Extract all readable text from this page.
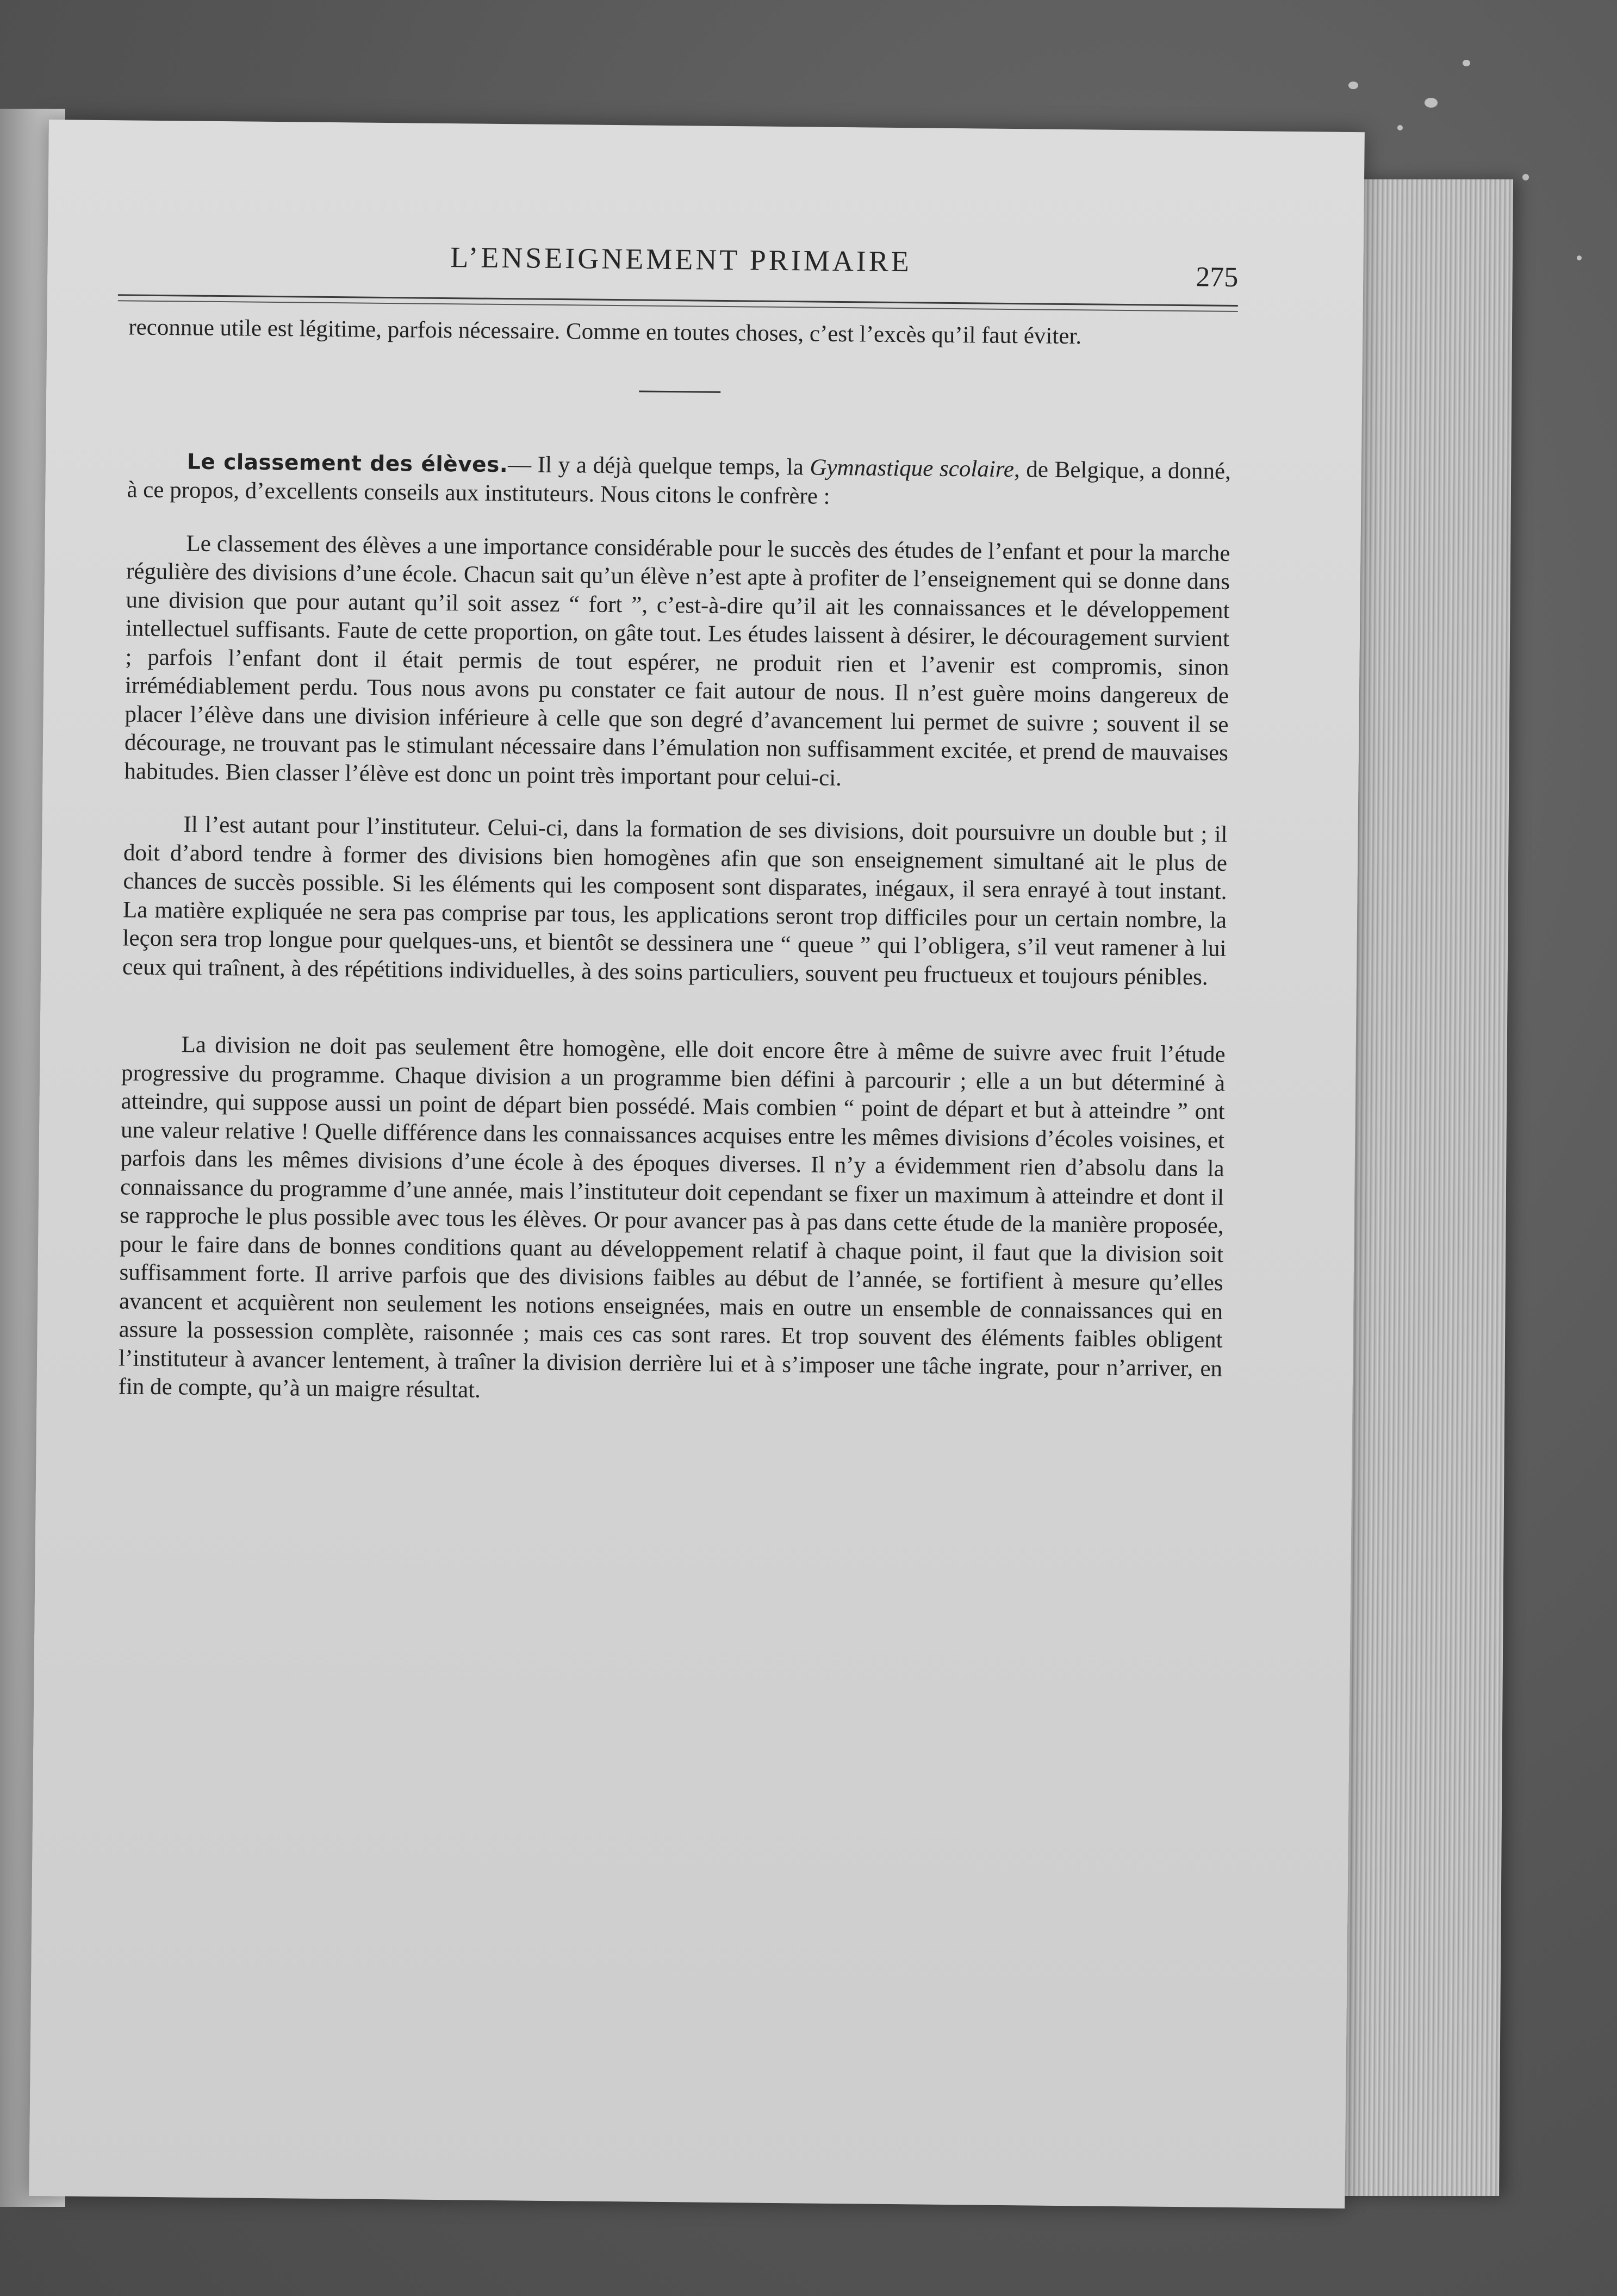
L’ENSEIGNEMENT PRIMAIRE	275

reconnue utile est légitime, parfois nécessaire. Comme en toutes choses, c’est l’excès qu’il faut éviter.

Le classement des élèves.— Il y a déjà quelque temps, la Gymnastique scolaire, de Belgique, a donné, à ce propos, d’excellents conseils aux instituteurs. Nous citons le confrère :

Le classement des élèves a une importance considérable pour le succès des études de l’enfant et pour la marche régulière des divisions d’une école. Chacun sait qu’un élève n’est apte à profiter de l’enseignement qui se donne dans une division que pour autant qu’il soit assez “ fort ”, c’est-à-dire qu’il ait les connaissances et le développement intellectuel suffisants. Faute de cette proportion, on gâte tout. Les études laissent à désirer, le découragement survient ; parfois l’enfant dont il était permis de tout espérer, ne produit rien et l’avenir est compromis, sinon irrémédiablement perdu. Tous nous avons pu constater ce fait autour de nous. Il n’est guère moins dangereux de placer l’élève dans une division inférieure à celle que son degré d’avancement lui permet de suivre ; souvent il se décourage, ne trouvant pas le stimulant nécessaire dans l’émulation non suffisamment excitée, et prend de mauvaises habitudes. Bien classer l’élève est donc un point très important pour celui-ci.

Il l’est autant pour l’instituteur. Celui-ci, dans la formation de ses divisions, doit poursuivre un double but ; il doit d’abord tendre à former des divisions bien homogènes afin que son enseignement simultané ait le plus de chances de succès possible. Si les éléments qui les composent sont disparates, inégaux, il sera enrayé à tout instant. La matière expliquée ne sera pas comprise par tous, les applications seront trop difficiles pour un certain nombre, la leçon sera trop longue pour quelques-uns, et bientôt se dessinera une “ queue ” qui l’obligera, s’il veut ramener à lui ceux qui traînent, à des répétitions individuelles, à des soins particuliers, souvent peu fructueux et toujours pénibles.

La division ne doit pas seulement être homogène, elle doit encore être à même de suivre avec fruit l’étude progressive du programme. Chaque division a un programme bien défini à parcourir ; elle a un but déterminé à atteindre, qui suppose aussi un point de départ bien possédé. Mais combien “ point de départ et but à atteindre ” ont une valeur relative ! Quelle différence dans les connaissances acquises entre les mêmes divisions d’écoles voisines, et parfois dans les mêmes divisions d’une école à des époques diverses. Il n’y a évidemment rien d’absolu dans la connaissance du programme d’une année, mais l’instituteur doit cependant se fixer un maximum à atteindre et dont il se rapproche le plus possible avec tous les élèves. Or pour avancer pas à pas dans cette étude de la manière proposée, pour le faire dans de bonnes conditions quant au développement relatif à chaque point, il faut que la division soit suffisamment forte. Il arrive parfois que des divisions faibles au début de l’année, se fortifient à mesure qu’elles avancent et acquièrent non seulement les notions enseignées, mais en outre un ensemble de connaissances qui en assure la possession complète, raisonnée ; mais ces cas sont rares. Et trop souvent des éléments faibles obligent l’instituteur à avancer lentement, à traîner la division derrière lui et à s’imposer une tâche ingrate, pour n’arriver, en fin de compte, qu’à un maigre résultat.
